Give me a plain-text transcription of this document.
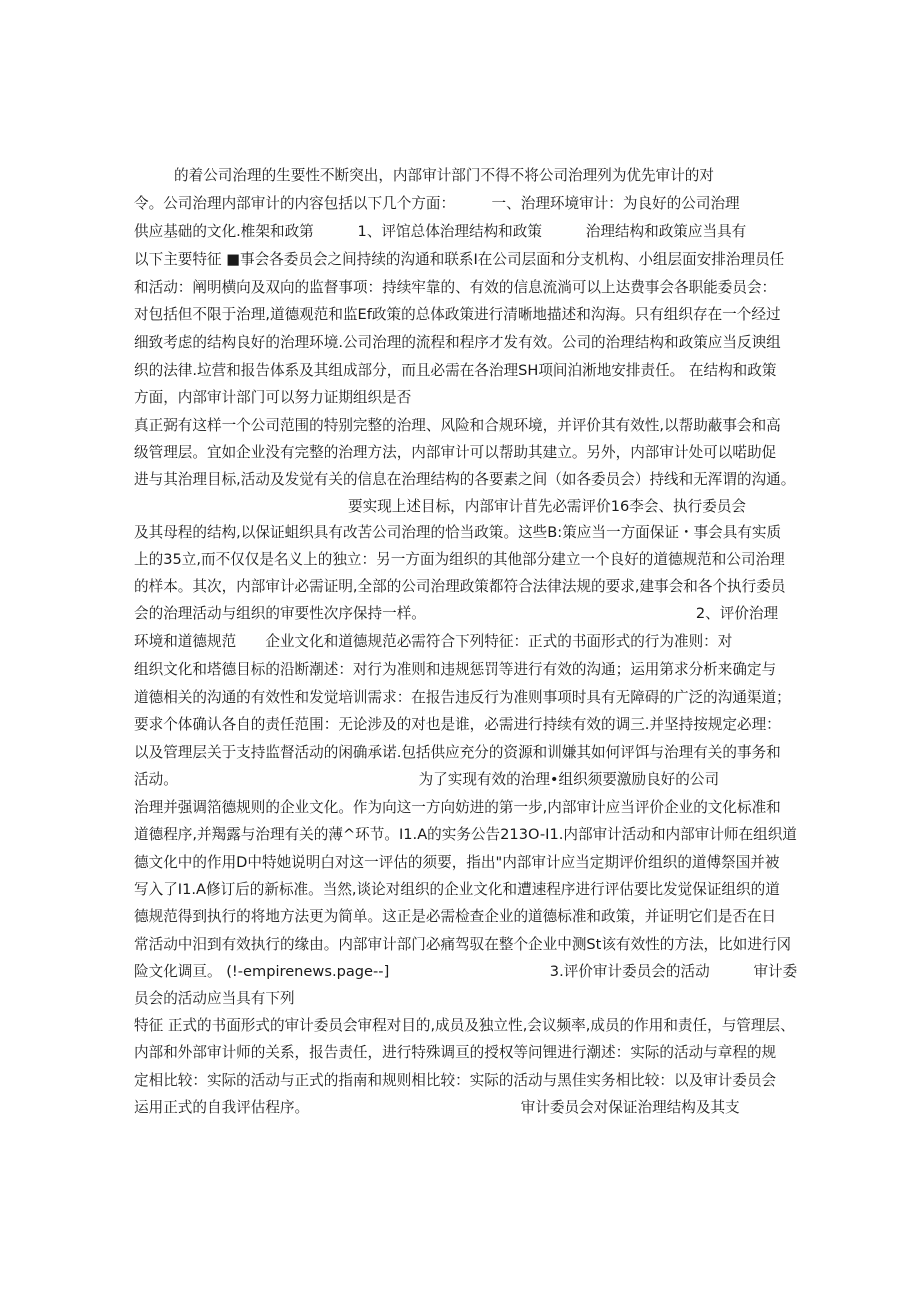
的着公司治理的生要性不断突出，内部审计部门不得不将公司治理列为优先审计的对

令。公司治理内部审计的内容包括以下几个方面：　　　一、治理环境审计：为良好的公司治理

供应基础的文化.椎架和政第　　　1、评馆总体治理结构和政策　　　治理结构和政策应当具有

以下主要特征 ■事会各委员会之间持续的沟通和联系I在公司层面和分支机构、小组层面安排治理员任

和活动：阐明横向及双向的监督事项：持续牢靠的、有效的信息流淌可以上达费事会各职能委员会：

对包括但不限于治理,道德观范和监Ef政策的总体政策进行清晰地描述和沟海。只有组织存在一个经过

细致考虑的结构良好的治理环境.公司治理的流程和程序才发有效。公司的治理结构和政策应当反谀组

织的法律.垃营和报告体系及其组成部分，而且必需在各治理SH项间泊淅地安排责任。 在结构和政策

方面，内部审计部门可以努力证期组织是否

真正弼有这样一个公司范围的特别完整的治理、风险和合规环境，并评价其有效性,以帮助蔽事会和高

级管理层。宜如企业没有完整的治理方法，内部审计可以帮助其建立。另外，内部审计处可以喏助促

进与其治理目标,活动及发觉有关的信息在治理结构的各要素之间（如各委员会）持线和无浑谓的沟通。

要实现上述目标，内部审计苜先必需评价16李会、执行委员会

及其母程的结构,以保证蛆织具有改苦公司治理的恰当政策。这些B:策应当一方面保证・事会具有实质

上的35立,而不仅仅是名义上的独立：另一方面为组织的其他部分建立一个良好的道德规范和公司治理

的样本。其次，内部审计必需证明,全部的公司治理政策都符合法律法规的要求,建事会和各个执行委员

会的治理活动与组织的审要性次序保持一样。　　　　　　　　　　　　　　　　　　　2、评价治理

环境和道德规范　　企业文化和道德规范必需符合下列特征：正式的书面形式的行为准则：对

组织文化和塔德目标的沿断潮述：对行为准则和违规惩罚等进行有效的沟通；运用第求分析来确定与

道德相关的沟通的有效性和发觉培训需求：在报告违反行为准则事项时具有无障碍的广泛的沟通渠道；

要求个体确认各自的责任范围：无论涉及的对也是谁，必需进行持续有效的调三.并坚持按规定必理：

以及管理层关于支持监督活动的闲确承诺.包括供应充分的资源和训嫌其如何评饵与治理有关的事务和

活动。　　　　　　　　　　　　　　　　　为了实现有效的治理•组织须要激励良好的公司

治理并强调箔德规则的企业文化。作为向这一方向妨进的第一步,内部审计应当评价企业的文化标准和

道德程序,并羯露与治理有关的薄^环节。I1.A的实务公告213O-I1.内部审计活动和内部审计师在组织道

德文化中的作用D中特她说明白对这一评估的须要，指出"内部审计应当定期评价组织的道傅祭国并被

写入了I1.A修订后的新标准。当然,谈论对组织的企业文化和遭速程序进行评估要比发觉保证组织的道

德规范得到执行的将地方法更为简单。这正是必需检查企业的道德标准和政策，并证明它们是否在日

常活动中汨到有效执行的缘由。内部审计部门必痛驾驭在整个企业中测St该有效性的方法，比如进行冈

险文化调亘。 (!-empirenews.page--]　　　　　　　　　　　3.评价审计委员会的活动　　　审计委

员会的活动应当具有下列

特征 正式的书面形式的审计委员会审程对目的,成员及独立性,会议频率,成员的作用和责任，与管理层、

内部和外部审计师的关系，报告责任，进行特殊调亘的授权等问锂进行潮述：实际的活动与章程的规

定相比较：实际的活动与正式的指南和规则相比较：实际的活动与黑佳实务相比较：以及审计委员会

运用正式的自我评估程序。　　　　　　　　　　　　　　　审计委员会对保证治理结构及其支
